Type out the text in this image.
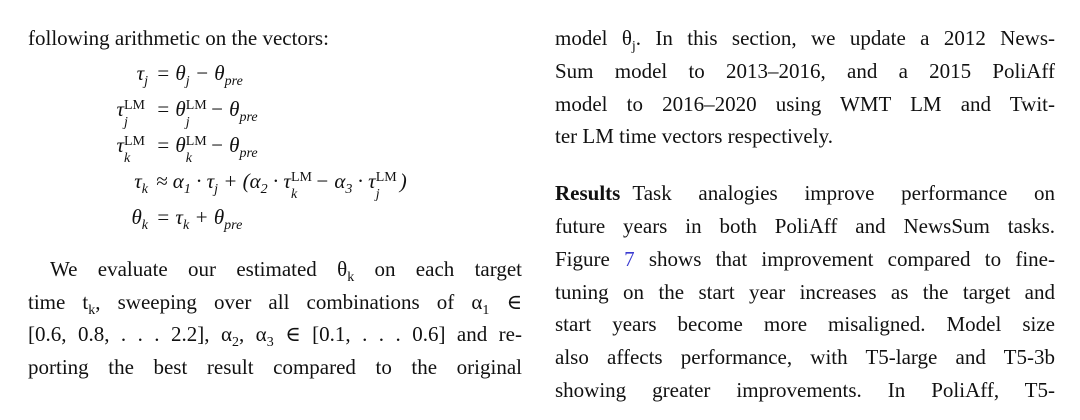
following arithmetic on the vectors:
$\tau_j = \theta_j - \theta_{pre}$
τ LM
j
= θ LM
j
− $\theta_{pre}$
τ LM
k
= θ LM
k
− $\theta_{pre}$
$\tau_k \approx \alpha_1 \cdot \tau_j + (\alpha_2 \cdot \tau$ LM
k
− $\alpha_3 \cdot \tau$ LM
j
)
$\theta_k = \tau_k + \theta_{pre}$
We evaluate our estimated $\theta_k$ on each target
time $t_k$, sweeping over all combinations of $\alpha_1$ ∈
[0.6, 0.8, . . . 2.2], $\alpha_2$, $\alpha_3$ ∈ [0.1, . . . 0.6] and re-
porting the best result compared to the original
model $\theta_j$. In this section, we update a 2012 News-
Sum model to 2013–2016, and a 2015 PoliAff
model to 2016–2020 using WMT LM and Twit-
ter LM time vectors respectively.
Results Task analogies improve performance on
future years in both PoliAff and NewsSum tasks.
Figure 7 shows that improvement compared to fine-
tuning on the start year increases as the target and
start years become more misaligned. Model size
also affects performance, with T5-large and T5-3b
showing greater improvements. In PoliAff, T5-
